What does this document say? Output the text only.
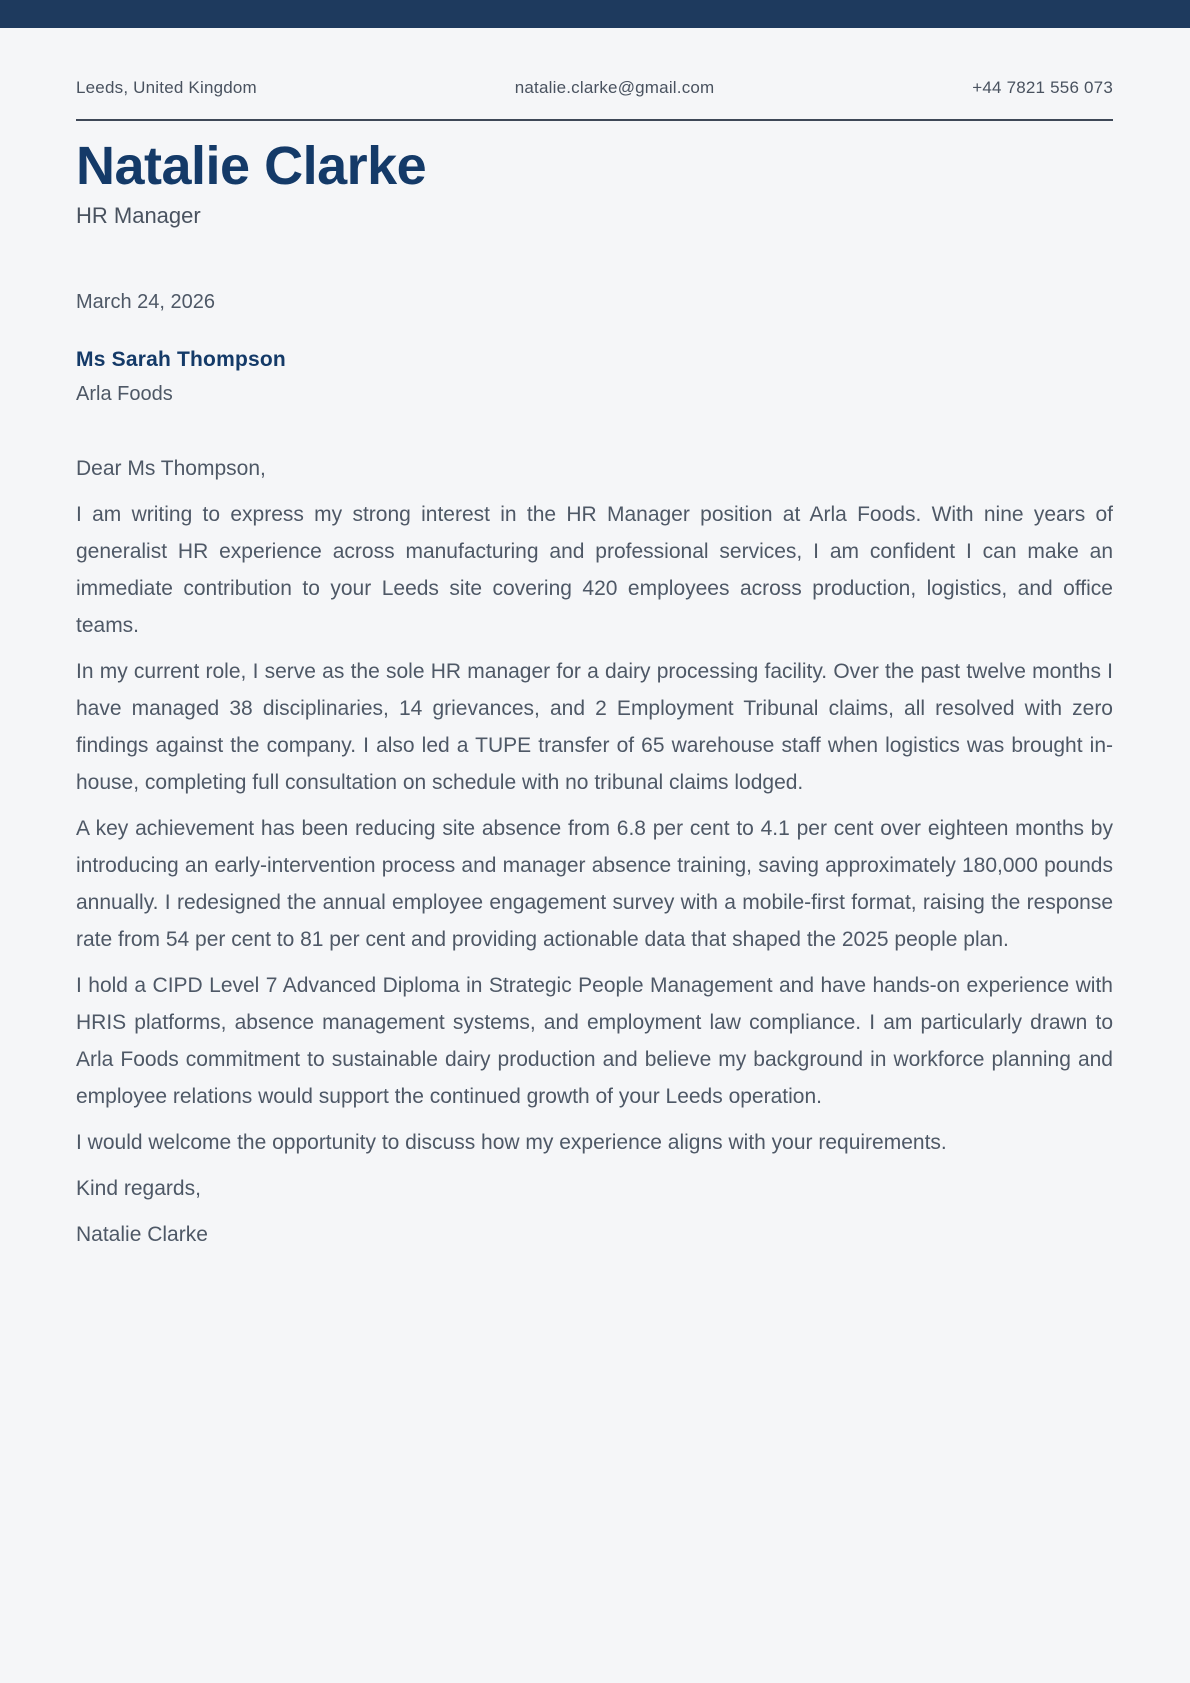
Leeds, United Kingdom	natalie.clarke@gmail.com	+44 7821 556 073
Natalie Clarke
HR Manager
March 24, 2026
Ms Sarah Thompson
Arla Foods

Dear Ms Thompson,

I am writing to express my strong interest in the HR Manager position at Arla Foods. With nine years of generalist HR experience across manufacturing and professional services, I am confident I can make an immediate contribution to your Leeds site covering 420 employees across production, logistics, and office teams.

In my current role, I serve as the sole HR manager for a dairy processing facility. Over the past twelve months I have managed 38 disciplinaries, 14 grievances, and 2 Employment Tribunal claims, all resolved with zero findings against the company. I also led a TUPE transfer of 65 warehouse staff when logistics was brought in-house, completing full consultation on schedule with no tribunal claims lodged.

A key achievement has been reducing site absence from 6.8 per cent to 4.1 per cent over eighteen months by introducing an early-intervention process and manager absence training, saving approximately 180,000 pounds annually. I redesigned the annual employee engagement survey with a mobile-first format, raising the response rate from 54 per cent to 81 per cent and providing actionable data that shaped the 2025 people plan.

I hold a CIPD Level 7 Advanced Diploma in Strategic People Management and have hands-on experience with HRIS platforms, absence management systems, and employment law compliance. I am particularly drawn to Arla Foods commitment to sustainable dairy production and believe my background in workforce planning and employee relations would support the continued growth of your Leeds operation.

I would welcome the opportunity to discuss how my experience aligns with your requirements.

Kind regards,

Natalie Clarke
